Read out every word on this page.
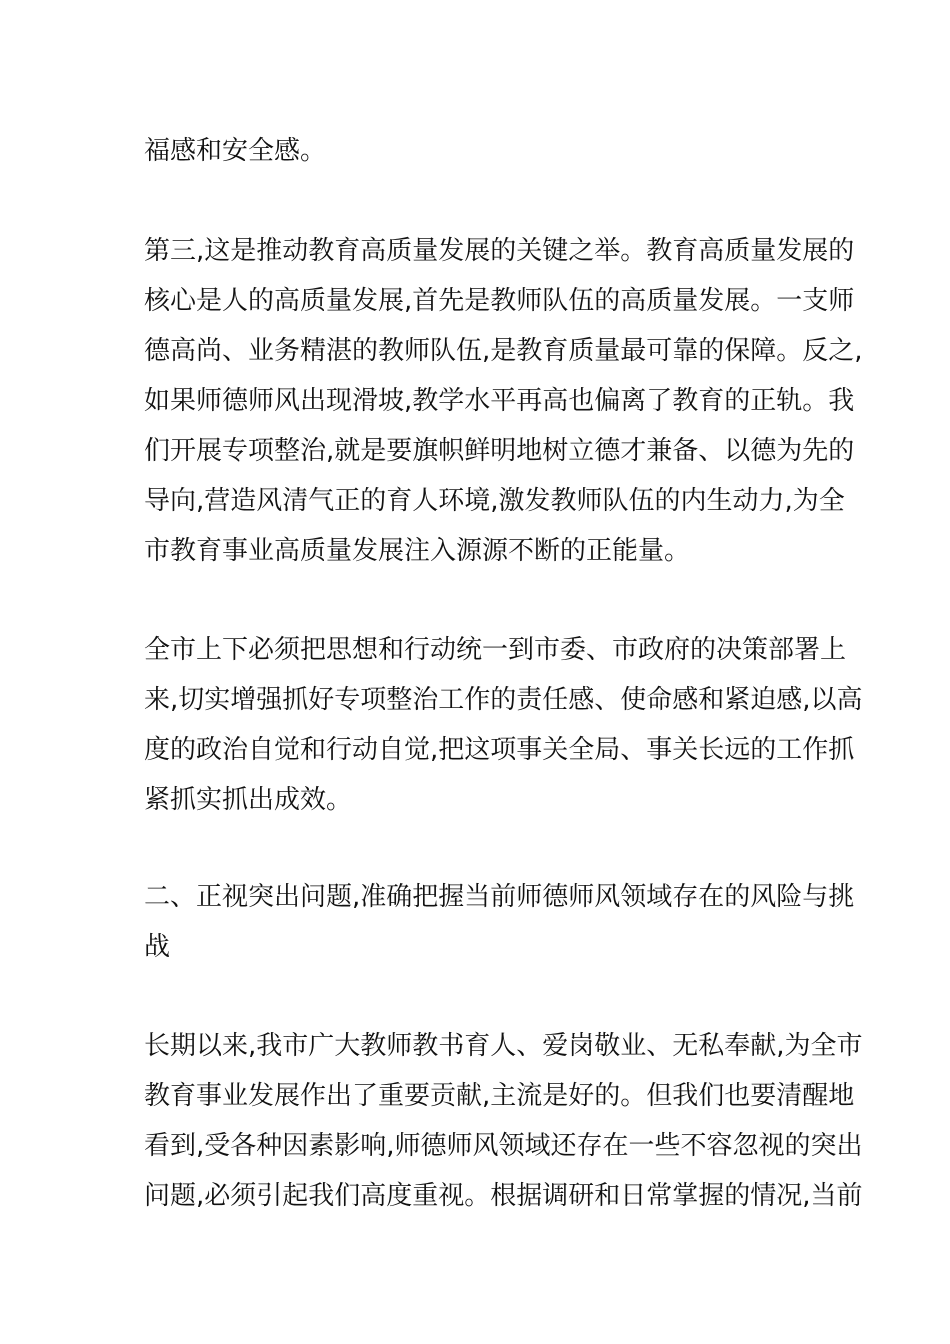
福感和安全感。

第三,这是推动教育高质量发展的关键之举。教育高质量发展的

核心是人的高质量发展,首先是教师队伍的高质量发展。一支师

德高尚、业务精湛的教师队伍,是教育质量最可靠的保障。反之,

如果师德师风出现滑坡,教学水平再高也偏离了教育的正轨。我

们开展专项整治,就是要旗帜鲜明地树立德才兼备、以德为先的

导向,营造风清气正的育人环境,激发教师队伍的内生动力,为全

市教育事业高质量发展注入源源不断的正能量。

全市上下必须把思想和行动统一到市委、市政府的决策部署上

来,切实增强抓好专项整治工作的责任感、使命感和紧迫感,以高

度的政治自觉和行动自觉,把这项事关全局、事关长远的工作抓

紧抓实抓出成效。

二、正视突出问题,准确把握当前师德师风领域存在的风险与挑

战

长期以来,我市广大教师教书育人、爱岗敬业、无私奉献,为全市

教育事业发展作出了重要贡献,主流是好的。但我们也要清醒地

看到,受各种因素影响,师德师风领域还存在一些不容忽视的突出

问题,必须引起我们高度重视。根据调研和日常掌握的情况,当前
